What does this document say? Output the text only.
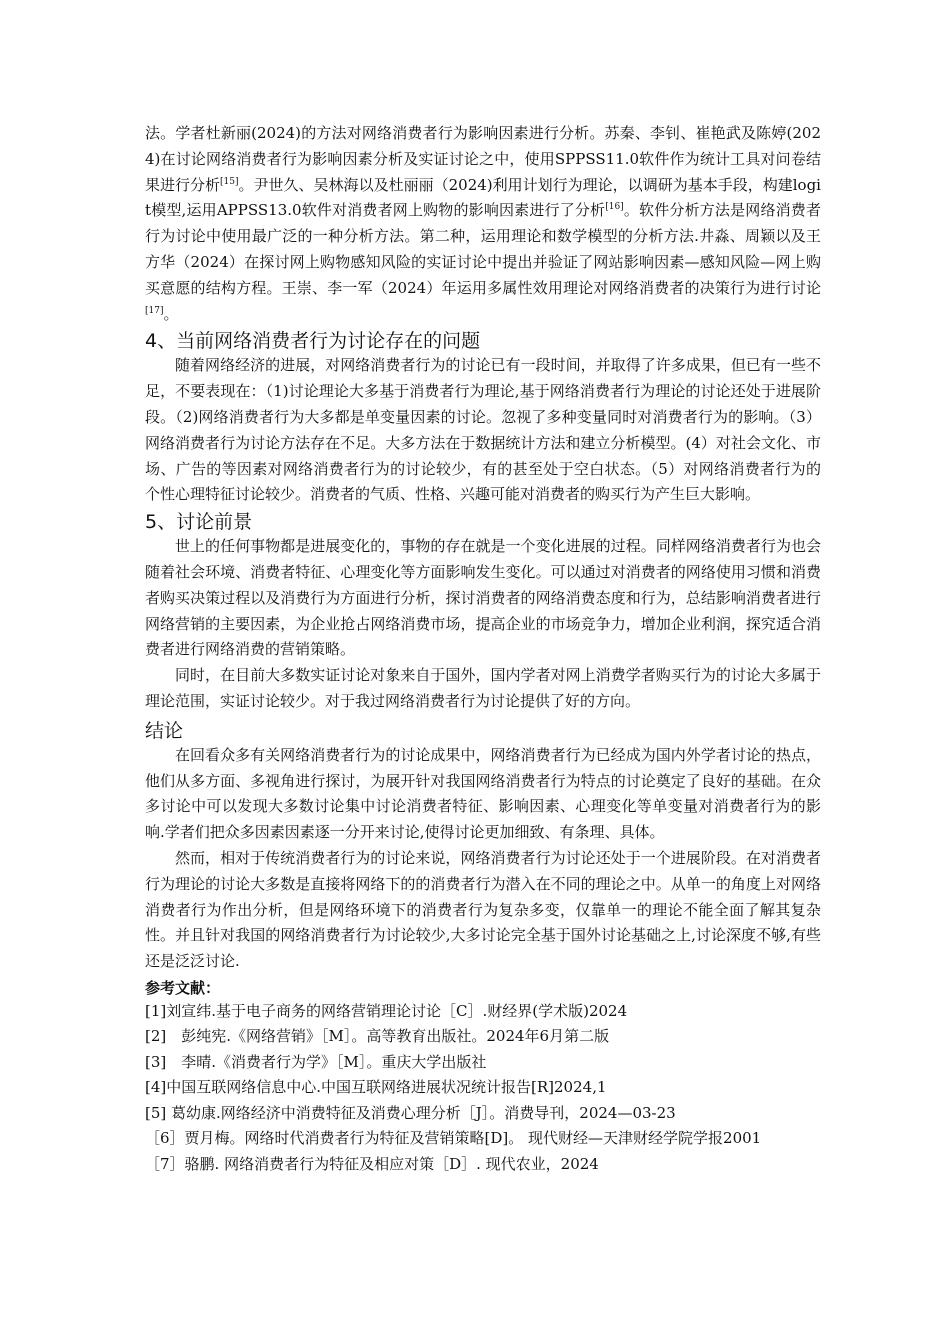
法。学者杜新丽(2024)的方法对网络消费者行为影响因素进行分析。苏秦、李钊、崔艳武及陈婷(2024)在讨论网络消费者行为影响因素分析及实证讨论之中，使用SPPSS11.0软件作为统计工具对问卷结果进行分析[15]。尹世久、吴林海以及杜丽丽（2024)利用计划行为理论，以调研为基本手段，构建logit模型,运用APPSS13.0软件对消费者网上购物的影响因素进行了分析[16]。软件分析方法是网络消费者行为讨论中使用最广泛的一种分析方法。第二种，运用理论和数学模型的分析方法.井淼、周颖以及王方华（2024）在探讨网上购物感知风险的实证讨论中提出并验证了网站影响因素—感知风险—网上购买意愿的结构方程。王崇、李一军（2024）年运用多属性效用理论对网络消费者的决策行为进行讨论[17]。

4、当前网络消费者行为讨论存在的问题

随着网络经济的进展，对网络消费者行为的讨论已有一段时间，并取得了许多成果，但已有一些不足，不要表现在：（1)讨论理论大多基于消费者行为理论,基于网络消费者行为理论的讨论还处于进展阶段。（2)网络消费者行为大多都是单变量因素的讨论。忽视了多种变量同时对消费者行为的影响。（3）网络消费者行为讨论方法存在不足。大多方法在于数据统计方法和建立分析模型。(4）对社会文化、市场、广告的等因素对网络消费者行为的讨论较少，有的甚至处于空白状态。（5）对网络消费者行为的个性心理特征讨论较少。消费者的气质、性格、兴趣可能对消费者的购买行为产生巨大影响。

5、讨论前景

世上的任何事物都是进展变化的，事物的存在就是一个变化进展的过程。同样网络消费者行为也会随着社会环境、消费者特征、心理变化等方面影响发生变化。可以通过对消费者的网络使用习惯和消费者购买决策过程以及消费行为方面进行分析，探讨消费者的网络消费态度和行为，总结影响消费者进行网络营销的主要因素，为企业抢占网络消费市场，提高企业的市场竞争力，增加企业利润，探究适合消费者进行网络消费的营销策略。

同时，在目前大多数实证讨论对象来自于国外，国内学者对网上消费学者购买行为的讨论大多属于理论范围，实证讨论较少。对于我过网络消费者行为讨论提供了好的方向。

结论

在回看众多有关网络消费者行为的讨论成果中，网络消费者行为已经成为国内外学者讨论的热点，他们从多方面、多视角进行探讨，为展开针对我国网络消费者行为特点的讨论奠定了良好的基础。在众多讨论中可以发现大多数讨论集中讨论消费者特征、影响因素、心理变化等单变量对消费者行为的影响.学者们把众多因素因素逐一分开来讨论,使得讨论更加细致、有条理、具体。

然而，相对于传统消费者行为的讨论来说，网络消费者行为讨论还处于一个进展阶段。在对消费者行为理论的讨论大多数是直接将网络下的的消费者行为潜入在不同的理论之中。从单一的角度上对网络消费者行为作出分析，但是网络环境下的消费者行为复杂多变，仅靠单一的理论不能全面了解其复杂性。并且针对我国的网络消费者行为讨论较少,大多讨论完全基于国外讨论基础之上,讨论深度不够,有些还是泛泛讨论.

参考文献：
[1]刘宣纬.基于电子商务的网络营销理论讨论［C］.财经界(学术版)2024
[2]　彭纯宪.《网络营销》［M］。高等教育出版社。2024年6月第二版
[3]　李晴.《消费者行为学》［M］。重庆大学出版社
[4]中国互联网络信息中心.中国互联网络进展状况统计报告[R]2024,1
[5] 葛幼康.网络经济中消费特征及消费心理分析［J］。消费导刊，2024—03-23
［6］贾月梅。网络时代消费者行为特征及营销策略[D]。 现代财经—天津财经学院学报2001
［7］骆鹏. 网络消费者行为特征及相应对策［D］. 现代农业，2024
